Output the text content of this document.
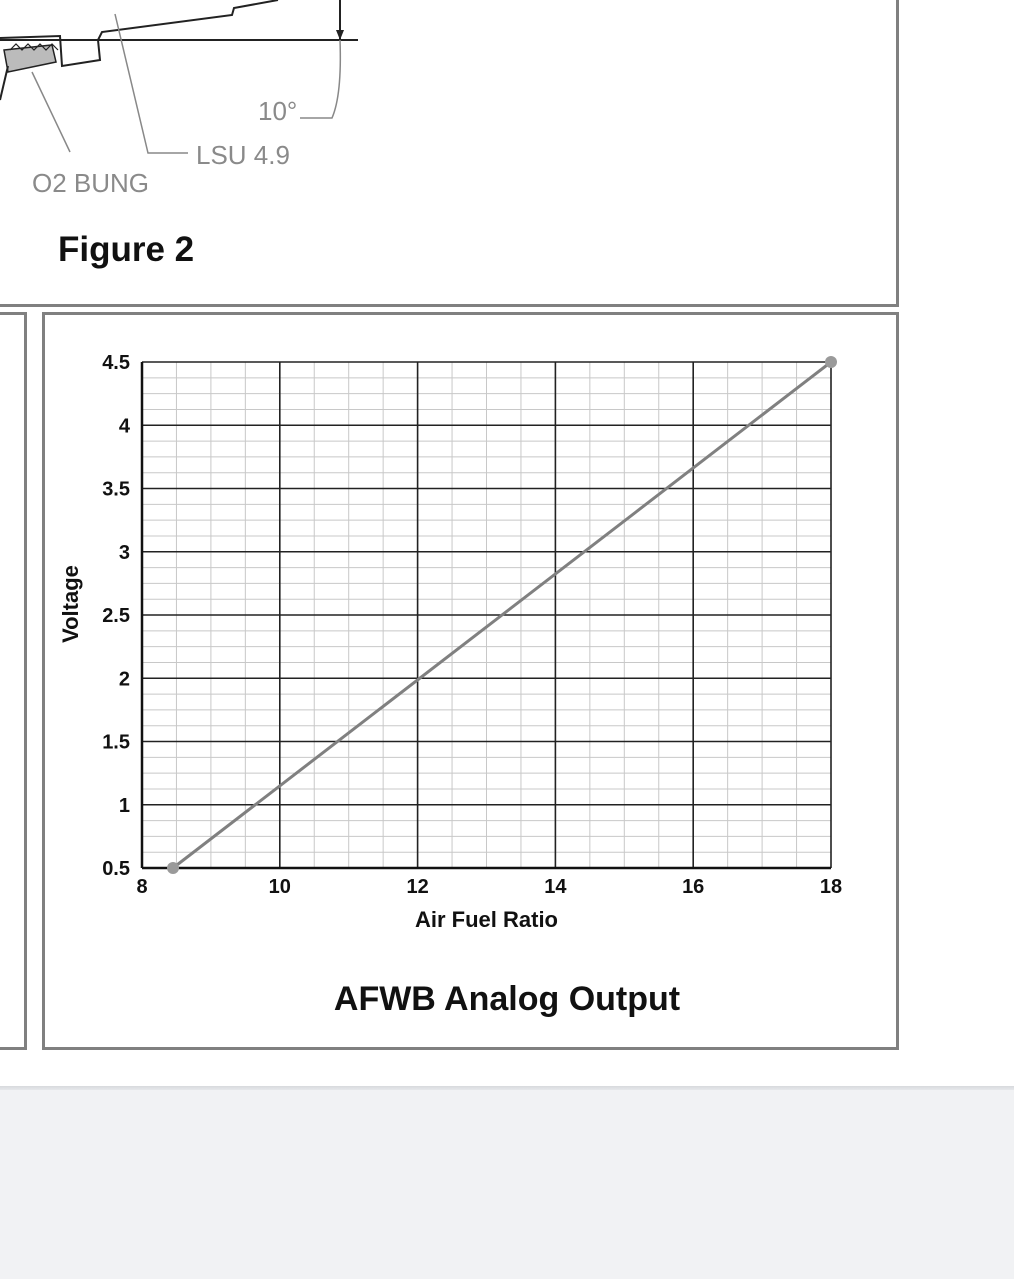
10°
LSU 4.9
O2 BUNG
Figure 2
8	10	12	14	16	18
0.5
1
1.5
2
2.5
3
3.5
4
4.5
Air Fuel Ratio
Voltage
AFWB Analog Output
